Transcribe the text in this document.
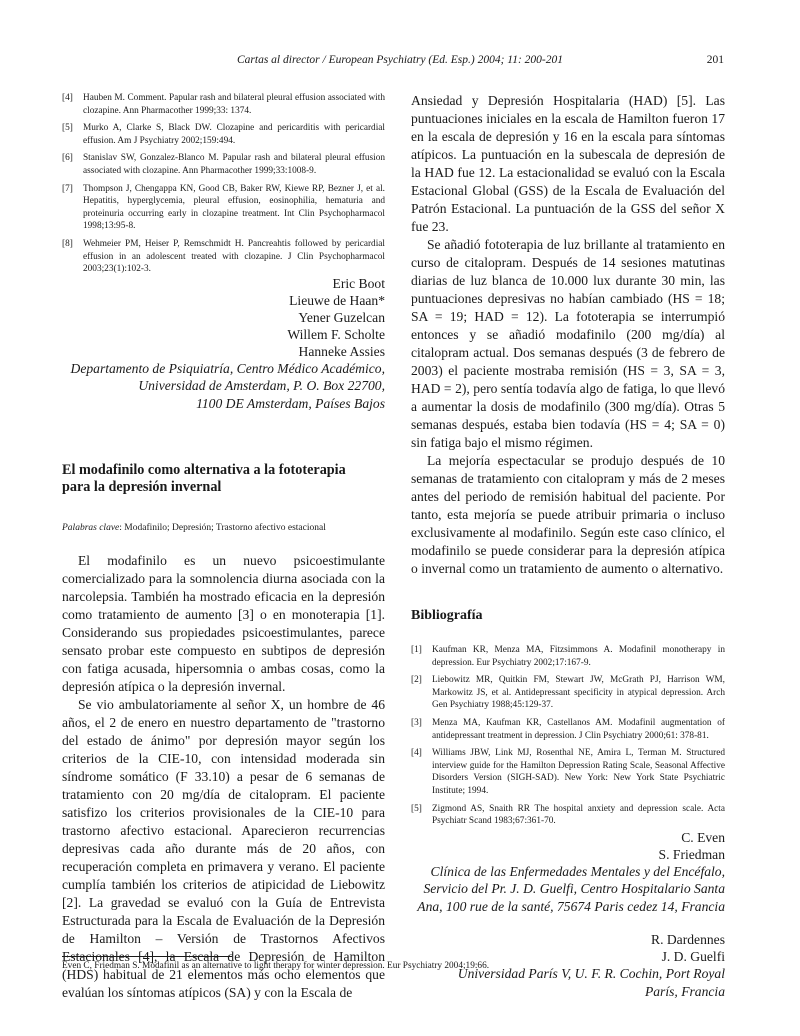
Cartas al director / European Psychiatry (Ed. Esp.) 2004; 11: 200-201	201
[4] Hauben M. Comment. Papular rash and bilateral pleural effusion associated with clozapine. Ann Pharmacother 1999;33: 1374.
[5] Murko A, Clarke S, Black DW. Clozapine and pericarditis with pericardial effusion. Am J Psychiatry 2002;159:494.
[6] Stanislav SW, Gonzalez-Blanco M. Papular rash and bilateral pleural effusion associated with clozapine. Ann Pharmacother 1999;33:1008-9.
[7] Thompson J, Chengappa KN, Good CB, Baker RW, Kiewe RP, Bezner J, et al. Hepatitis, hyperglycemia, pleural effusion, eosinophilia, hematuria and proteinuria occurring early in clozapine treatment. Int Clin Psychopharmacol 1998;13:95-8.
[8] Wehmeier PM, Heiser P, Remschmidt H. Pancreahtis followed by pericardial effusion in an adolescent treated with clozapine. J Clin Psychopharmacol 2003;23(1):102-3.
Eric Boot
Lieuwe de Haan*
Yener Guzelcan
Willem F. Scholte
Hanneke Assies
Departamento de Psiquiatría, Centro Médico Académico,
Universidad de Amsterdam, P. O. Box 22700,
1100 DE Amsterdam, Países Bajos
El modafinilo como alternativa a la fototerapia
para la depresión invernal
Palabras clave: Modafinilo; Depresión; Trastorno afectivo estacional

El modafinilo es un nuevo psicoestimulante comercializado para la somnolencia diurna asociada con la narcolepsia. También ha mostrado eficacia en la depresión como tratamiento de aumento [3] o en monoterapia [1]. Considerando sus propiedades psicoestimulantes, parece sensato probar este compuesto en subtipos de depresión con fatiga acusada, hipersomnia o ambas cosas, como la depresión atípica o la depresión invernal.

Se vio ambulatoriamente al señor X, un hombre de 46 años, el 2 de enero en nuestro departamento de "trastorno del estado de ánimo" por depresión mayor según los criterios de la CIE-10, con intensidad moderada sin síndrome somático (F 33.10) a pesar de 6 semanas de tratamiento con 20 mg/día de citalopram. El paciente satisfizo los criterios provisionales de la CIE-10 para trastorno afectivo estacional. Aparecieron recurrencias depresivas cada año durante más de 20 años, con recuperación completa en primavera y verano. El paciente cumplía también los criterios de atipicidad de Liebowitz [2]. La gravedad se evaluó con la Guía de Entrevista Estructurada para la Escala de Evaluación de la Depresión de Hamilton – Versión de Trastornos Afectivos Estacionales [4], la Escala de Depresión de Hamilton (HDS) habitual de 21 elementos más ocho elementos que evalúan los síntomas atípicos (SA) y con la Escala de

Ansiedad y Depresión Hospitalaria (HAD) [5]. Las puntuaciones iniciales en la escala de Hamilton fueron 17 en la escala de depresión y 16 en la escala para síntomas atípicos. La puntuación en la subescala de depresión de la HAD fue 12. La estacionalidad se evaluó con la Escala Estacional Global (GSS) de la Escala de Evaluación del Patrón Estacional. La puntuación de la GSS del señor X fue 23.

Se añadió fototerapia de luz brillante al tratamiento en curso de citalopram. Después de 14 sesiones matutinas diarias de luz blanca de 10.000 lux durante 30 min, las puntuaciones depresivas no habían cambiado (HS = 18; SA = 19; HAD = 12). La fototerapia se interrumpió entonces y se añadió modafinilo (200 mg/día) al citalopram actual. Dos semanas después (3 de febrero de 2003) el paciente mostraba remisión (HS = 3, SA = 3, HAD = 2), pero sentía todavía algo de fatiga, lo que llevó a aumentar la dosis de modafinilo (300 mg/día). Otras 5 semanas después, estaba bien todavía (HS = 4; SA = 0) sin fatiga bajo el mismo régimen.

La mejoría espectacular se produjo después de 10 semanas de tratamiento con citalopram y más de 2 meses antes del periodo de remisión habitual del paciente. Por tanto, esta mejoría se puede atribuir primaria o incluso exclusivamente al modafinilo. Según este caso clínico, el modafinilo se puede considerar para la depresión atípica o invernal como un tratamiento de aumento o alternativo.

Bibliografía
[1] Kaufman KR, Menza MA, Fitzsimmons A. Modafinil monotherapy in depression. Eur Psychiatry 2002;17:167-9.
[2] Liebowitz MR, Quitkin FM, Stewart JW, McGrath PJ, Harrison WM, Markowitz JS, et al. Antidepressant specificity in atypical depression. Arch Gen Psychiatry 1988;45:129-37.
[3] Menza MA, Kaufman KR, Castellanos AM. Modafinil augmentation of antidepressant treatment in depression. J Clin Psychiatry 2000;61: 378-81.
[4] Williams JBW, Link MJ, Rosenthal NE, Amira L, Terman M. Structured interview guide for the Hamilton Depression Rating Scale, Seasonal Affective Disorders Version (SIGH-SAD). New York: New York State Psychiatric Institute; 1994.
[5] Zigmond AS, Snaith RR The hospital anxiety and depression scale. Acta Psychiatr Scand 1983;67:361-70.
C. Even
S. Friedman
Clínica de las Enfermedades Mentales y del Encéfalo,
Servicio del Pr. J. D. Guelfi, Centro Hospitalario Santa
Ana, 100 rue de la santé, 75674 Paris cedez 14, Francia
R. Dardennes
J. D. Guelfi
Universidad París V, U. F. R. Cochin, Port Royal
París, Francia
Even C, Friedman S. Modafinil as an alternative to light therapy for winter depression. Eur Psychiatry 2004;19:66.
